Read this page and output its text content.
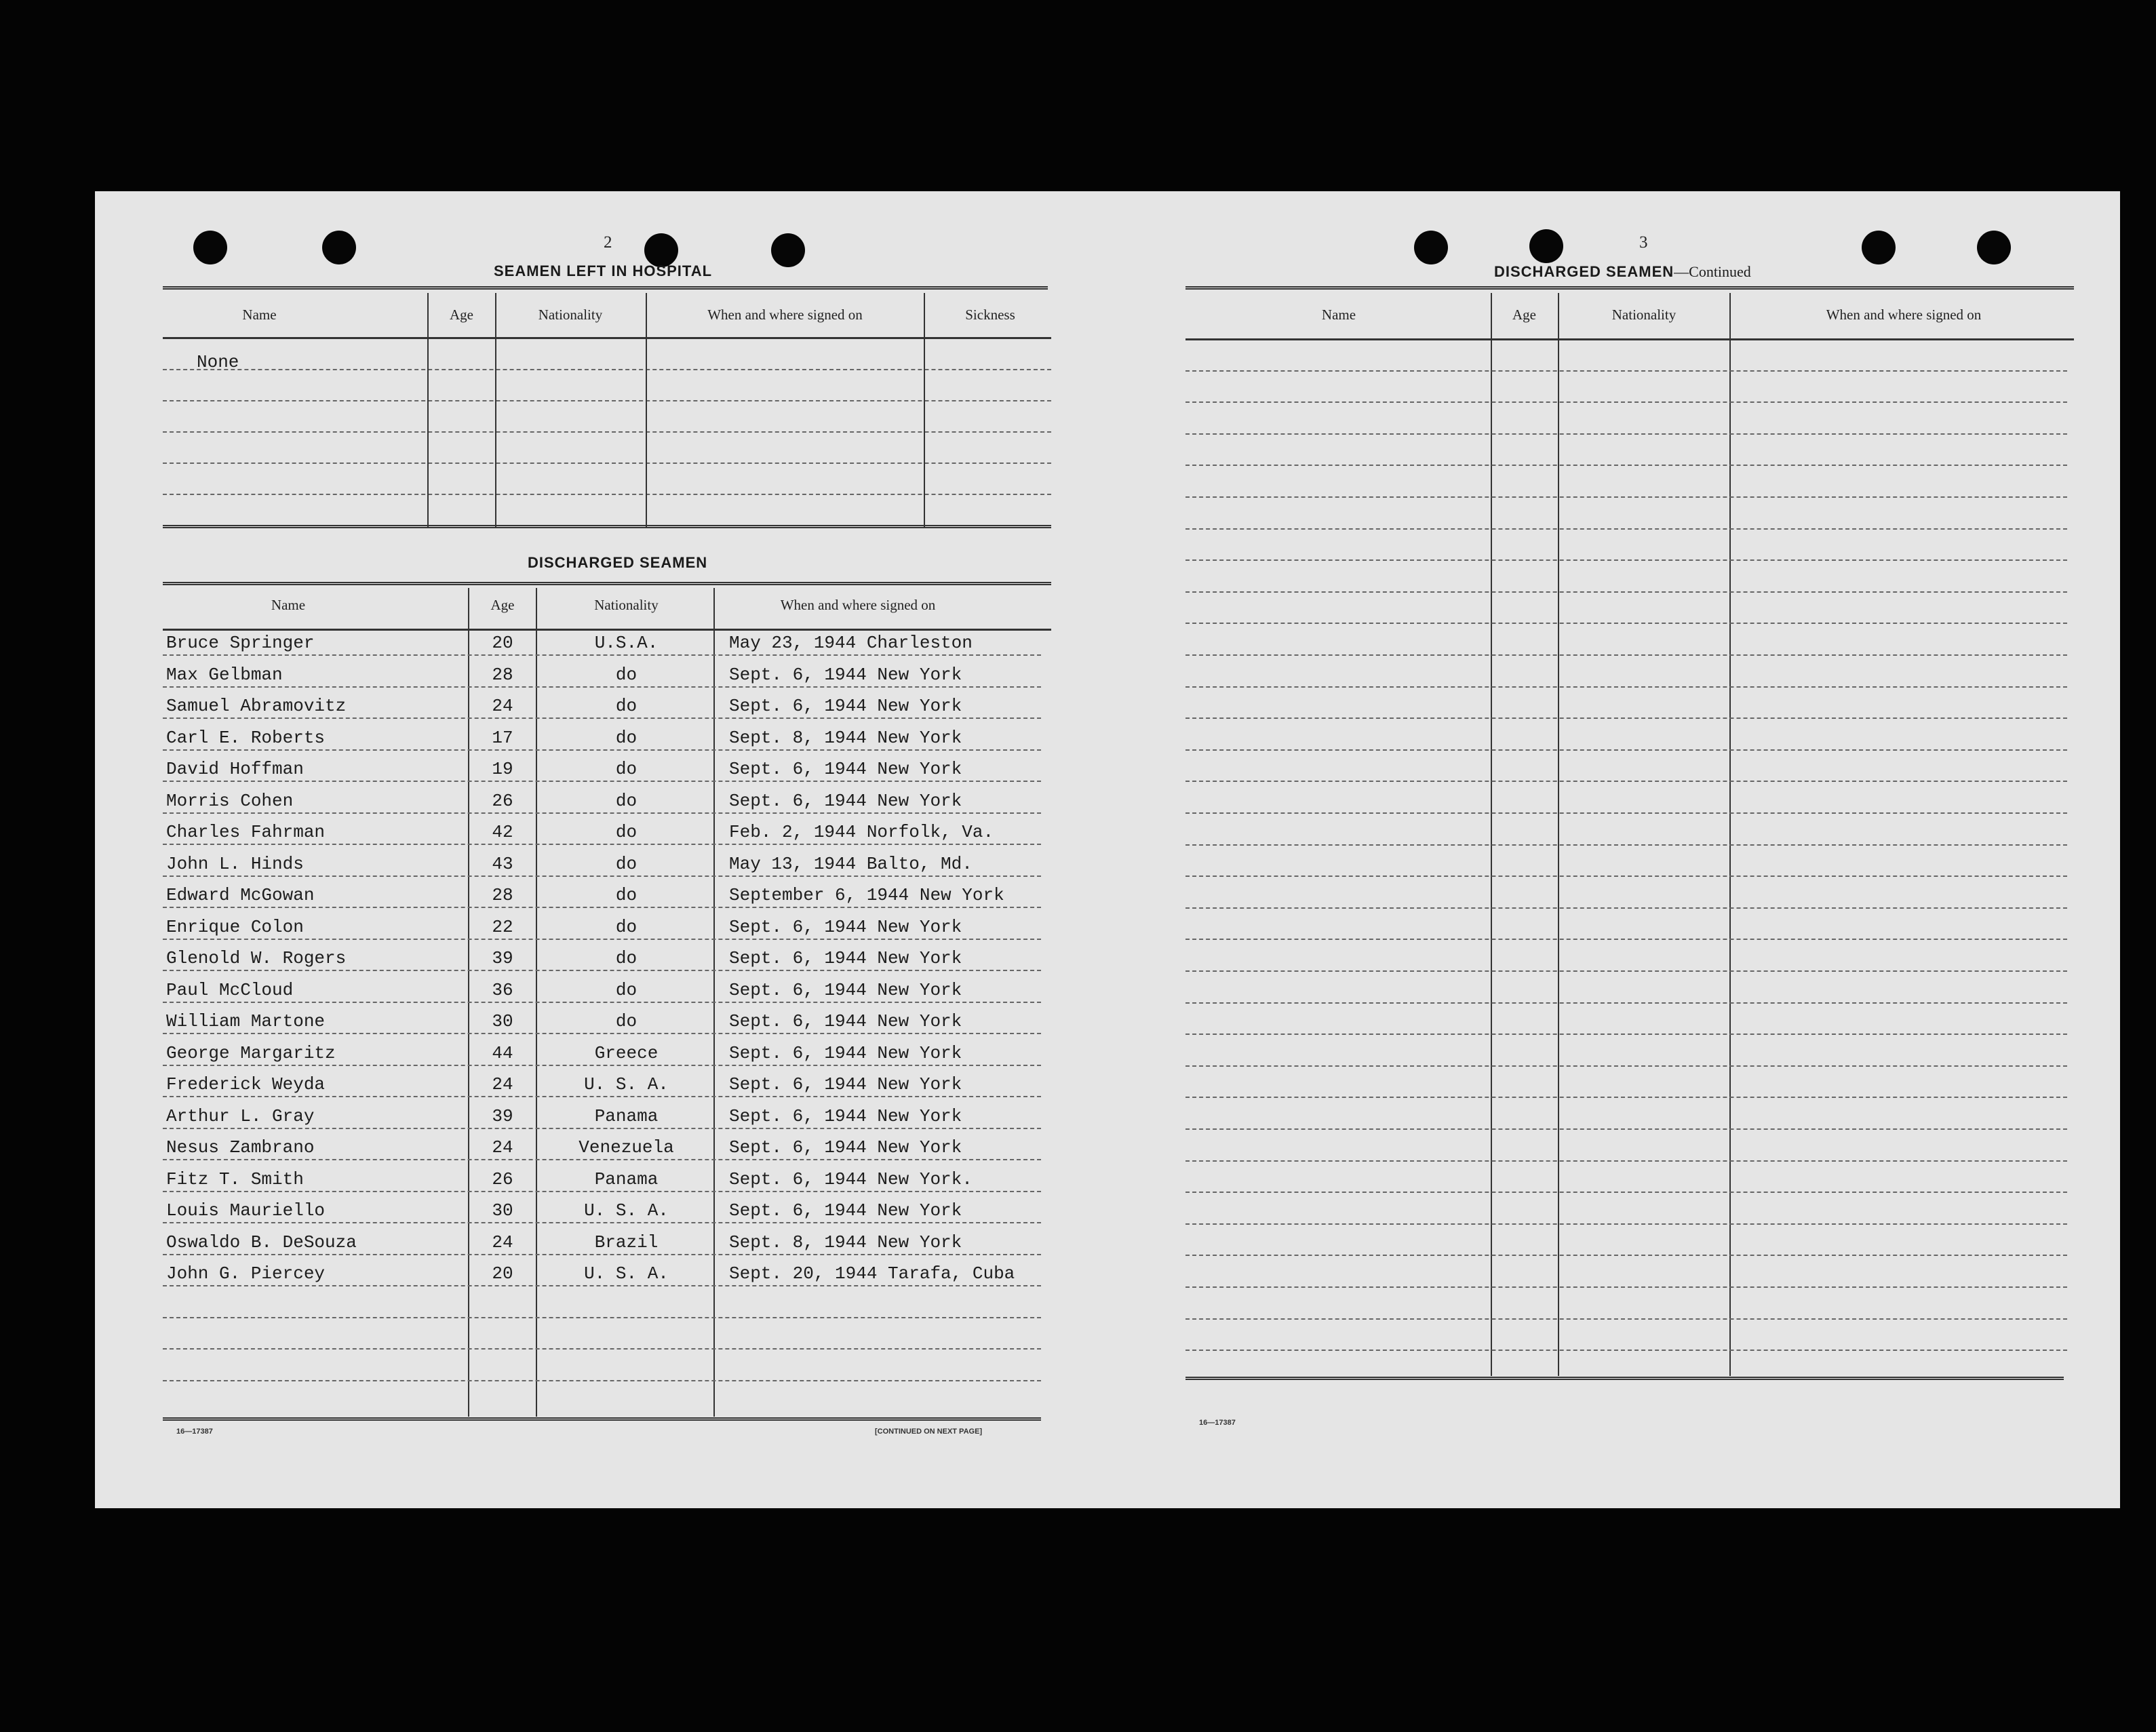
2
SEAMEN LEFT IN HOSPITAL
Name	Age	Nationality	When and where signed on	Sickness
None
DISCHARGED SEAMEN
Name	Age	Nationality	When and where signed on
Bruce Springer	20	U.S.A.	May 23, 1944 Charleston
Max Gelbman	28	do	Sept. 6, 1944 New York
Samuel Abramovitz	24	do	Sept. 6, 1944 New York
Carl E. Roberts	17	do	Sept. 8, 1944 New York
David Hoffman	19	do	Sept. 6, 1944 New York
Morris Cohen	26	do	Sept. 6, 1944 New York
Charles Fahrman	42	do	Feb. 2, 1944 Norfolk, Va.
John L. Hinds	43	do	May 13, 1944 Balto, Md.
Edward McGowan	28	do	September 6, 1944 New York
Enrique Colon	22	do	Sept. 6, 1944 New York
Glenold W. Rogers	39	do	Sept. 6, 1944 New York
Paul McCloud	36	do	Sept. 6, 1944 New York
William Martone	30	do	Sept. 6, 1944 New York
George Margaritz	44	Greece	Sept. 6, 1944 New York
Frederick Weyda	24	U. S. A.	Sept. 6, 1944 New York
Arthur L. Gray	39	Panama	Sept. 6, 1944 New York
Nesus Zambrano	24	Venezuela	Sept. 6, 1944 New York
Fitz T. Smith	26	Panama	Sept. 6, 1944 New York.
Louis Mauriello	30	U. S. A.	Sept. 6, 1944 New York
Oswaldo B. DeSouza	24	Brazil	Sept. 8, 1944 New York
John G. Piercey	20	U. S. A.	Sept. 20, 1944 Tarafa, Cuba
16—17387	[CONTINUED ON NEXT PAGE]
3
DISCHARGED SEAMEN—Continued
Name	Age	Nationality	When and where signed on
16—17387
